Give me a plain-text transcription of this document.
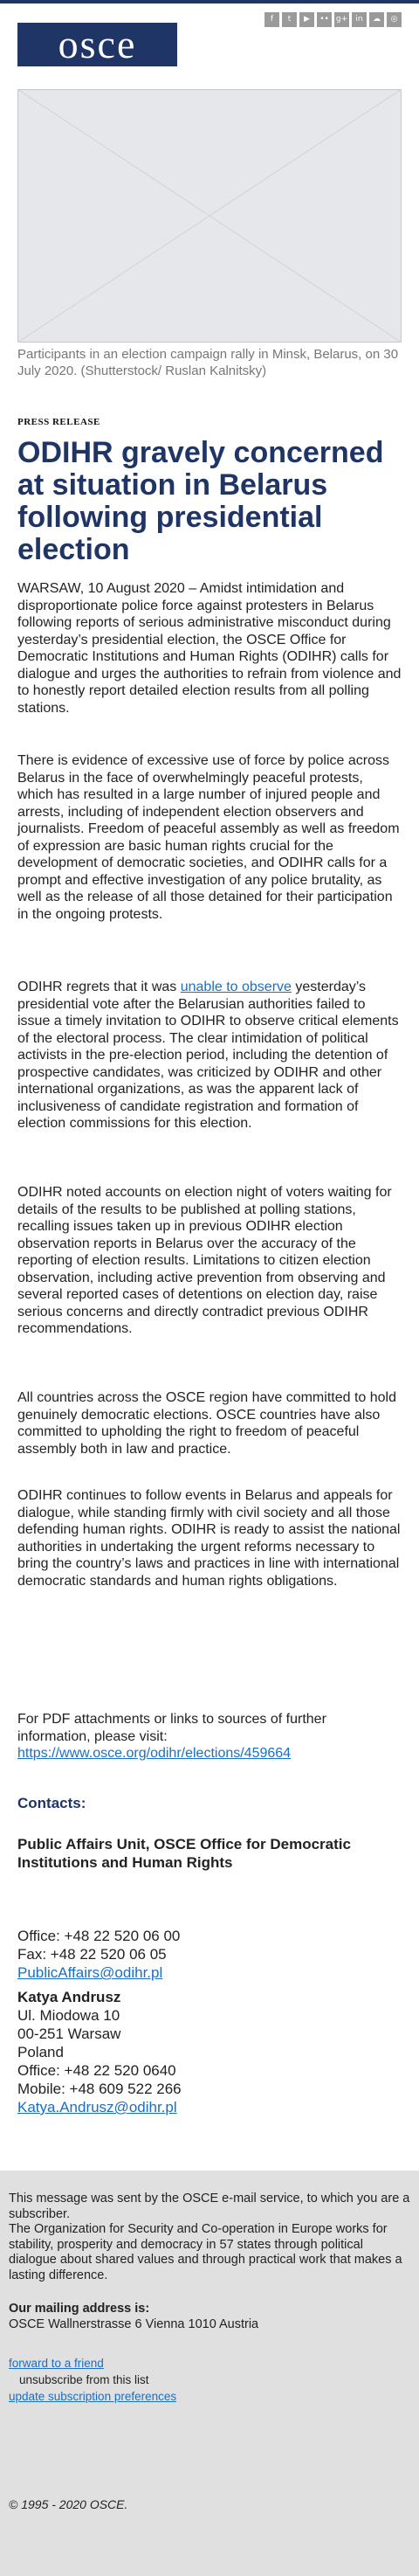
osce
f	t	▶	•• g+	in	☁	◎

Participants in an election campaign rally in Minsk, Belarus, on 30 July 2020. (Shutterstock/ Ruslan Kalnitsky)

PRESS RELEASE

ODIHR gravely concerned at situation in Belarus following presidential election

WARSAW, 10 August 2020 – Amidst intimidation and disproportionate police force against protesters in Belarus following reports of serious administrative misconduct during yesterday’s presidential election, the OSCE Office for Democratic Institutions and Human Rights (ODIHR) calls for dialogue and urges the authorities to refrain from violence and to honestly report detailed election results from all polling stations.

There is evidence of excessive use of force by police across Belarus in the face of overwhelmingly peaceful protests, which has resulted in a large number of injured people and arrests, including of independent election observers and journalists. Freedom of peaceful assembly as well as freedom of expression are basic human rights crucial for the development of democratic societies, and ODIHR calls for a prompt and effective investigation of any police brutality, as well as the release of all those detained for their participation in the ongoing protests.

ODIHR regrets that it was unable to observe yesterday’s presidential vote after the Belarusian authorities failed to issue a timely invitation to ODIHR to observe critical elements of the electoral process. The clear intimidation of political activists in the pre-election period, including the detention of prospective candidates, was criticized by ODIHR and other international organizations, as was the apparent lack of inclusiveness of candidate registration and formation of election commissions for this election.

ODIHR noted accounts on election night of voters waiting for details of the results to be published at polling stations, recalling issues taken up in previous ODIHR election observation reports in Belarus over the accuracy of the reporting of election results. Limitations to citizen election observation, including active prevention from observing and several reported cases of detentions on election day, raise serious concerns and directly contradict previous ODIHR recommendations.

All countries across the OSCE region have committed to hold genuinely democratic elections. OSCE countries have also committed to upholding the right to freedom of peaceful assembly both in law and practice.

ODIHR continues to follow events in Belarus and appeals for dialogue, while standing firmly with civil society and all those defending human rights. ODIHR is ready to assist the national authorities in undertaking the urgent reforms necessary to bring the country’s laws and practices in line with international democratic standards and human rights obligations.

For PDF attachments or links to sources of further information, please visit:
https://www.osce.org/odihr/elections/459664

Contacts:

Public Affairs Unit, OSCE Office for Democratic Institutions and Human Rights

Office: +48 22 520 06 00
Fax: +48 22 520 06 05
PublicAffairs@odihr.pl

Katya Andrusz
Ul. Miodowa 10
00-251 Warsaw
Poland
Office: +48 22 520 0640
Mobile: +48 609 522 266
Katya.Andrusz@odihr.pl

This message was sent by the OSCE e-mail service, to which you are a subscriber.

The Organization for Security and Co-operation in Europe works for stability, prosperity and democracy in 57 states through political dialogue about shared values and through practical work that makes a lasting difference.

Our mailing address is:

OSCE Wallnerstrasse 6 Vienna 1010 Austria

forward to a friend

unsubscribe from this list

update subscription preferences

© 1995 - 2020 OSCE.
